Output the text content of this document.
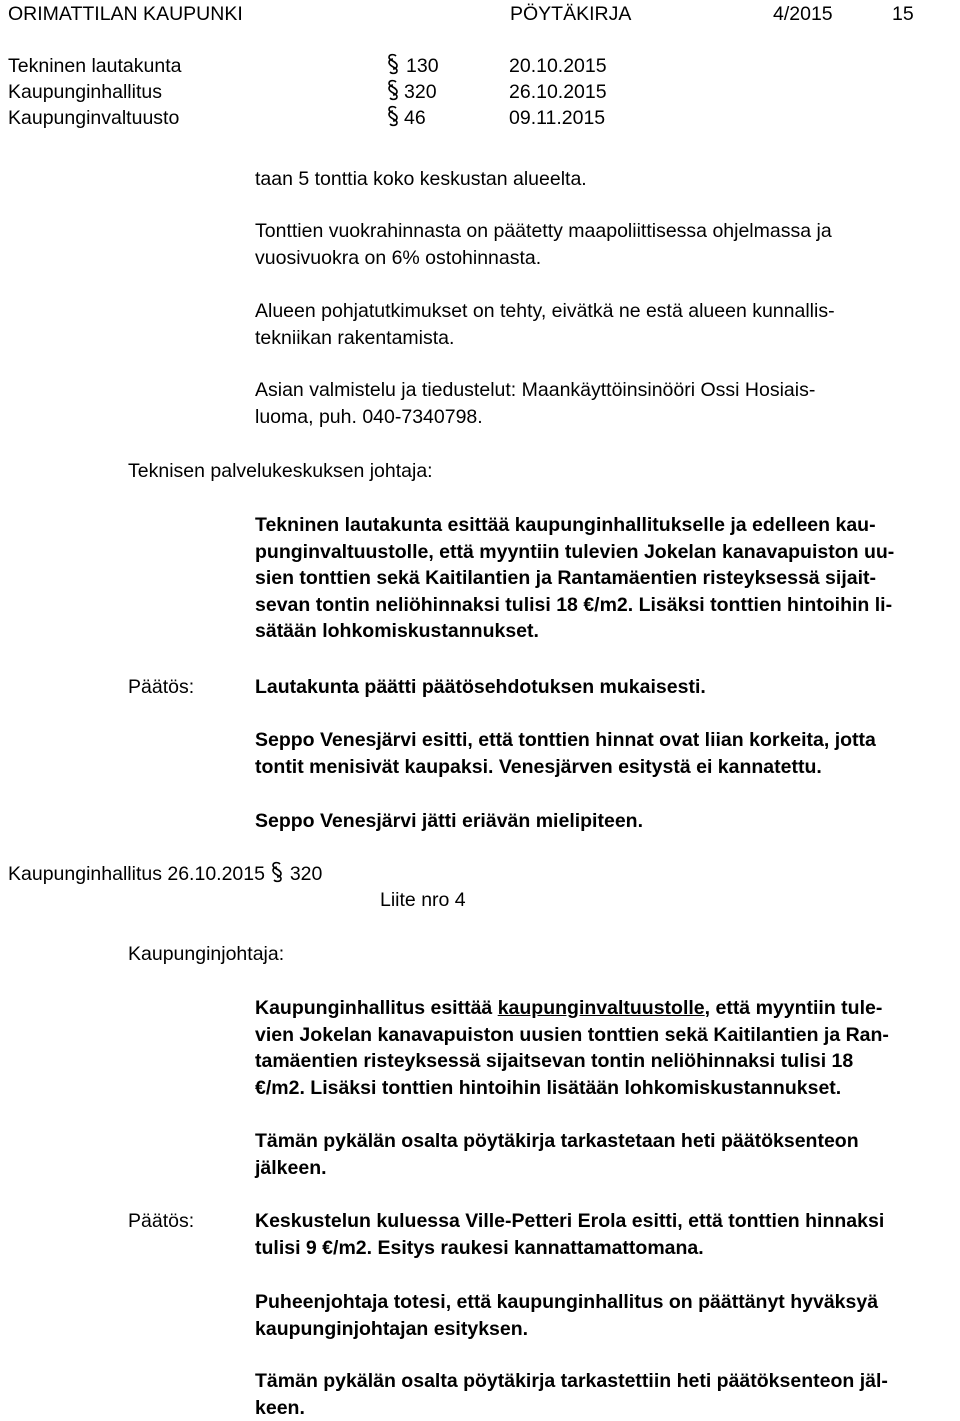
ORIMATTILAN KAUPUNKI	PÖYTÄKIRJA	4/2015	15
Tekninen lautakunta	130	20.10.2015
Kaupunginhallitus	320	26.10.2015
Kaupunginvaltuusto	46	09.11.2015

taan 5 tonttia koko keskustan alueelta.

Tonttien vuokrahinnasta on päätetty maapoliittisessa ohjelmassa ja
vuosivuokra on 6% ostohinnasta.

Alueen pohjatutkimukset on tehty, eivätkä ne estä alueen kunnallis-
tekniikan rakentamista.

Asian valmistelu ja tiedustelut: Maankäyttöinsinööri Ossi Hosiais-
luoma, puh. 040-7340798.

Teknisen palvelukeskuksen johtaja:

Tekninen lautakunta esittää kaupunginhallitukselle ja edelleen kau-
punginvaltuustolle, että myyntiin tulevien Jokelan kanavapuiston uu-
sien tonttien sekä Kaitilantien ja Rantamäentien risteyksessä sijait-
sevan tontin neliöhinnaksi tulisi 18 €/m2. Lisäksi tonttien hintoihin li-
sätään lohkomiskustannukset.

Päätös:	Lautakunta päätti päätösehdotuksen mukaisesti.

Seppo Venesjärvi esitti, että tonttien hinnat ovat liian korkeita, jotta
tontit menisivät kaupaksi. Venesjärven esitystä ei kannatettu.

Seppo Venesjärvi jätti eriävän mielipiteen.

Kaupunginhallitus 26.10.2015 320
Liite nro 4
Kaupunginjohtaja:

Kaupunginhallitus esittää kaupunginvaltuustolle, että myyntiin tule-
vien Jokelan kanavapuiston uusien tonttien sekä Kaitilantien ja Ran-
tamäentien risteyksessä sijaitsevan tontin neliöhinnaksi tulisi 18
€/m2. Lisäksi tonttien hintoihin lisätään lohkomiskustannukset.

Tämän pykälän osalta pöytäkirja tarkastetaan heti päätöksenteon
jälkeen.

Päätös:	Keskustelun kuluessa Ville-Petteri Erola esitti, että tonttien hinnaksi
tulisi 9 €/m2. Esitys raukesi kannattamattomana.

Puheenjohtaja totesi, että kaupunginhallitus on päättänyt hyväksyä
kaupunginjohtajan esityksen.

Tämän pykälän osalta pöytäkirja tarkastettiin heti päätöksenteon jäl-
keen.
